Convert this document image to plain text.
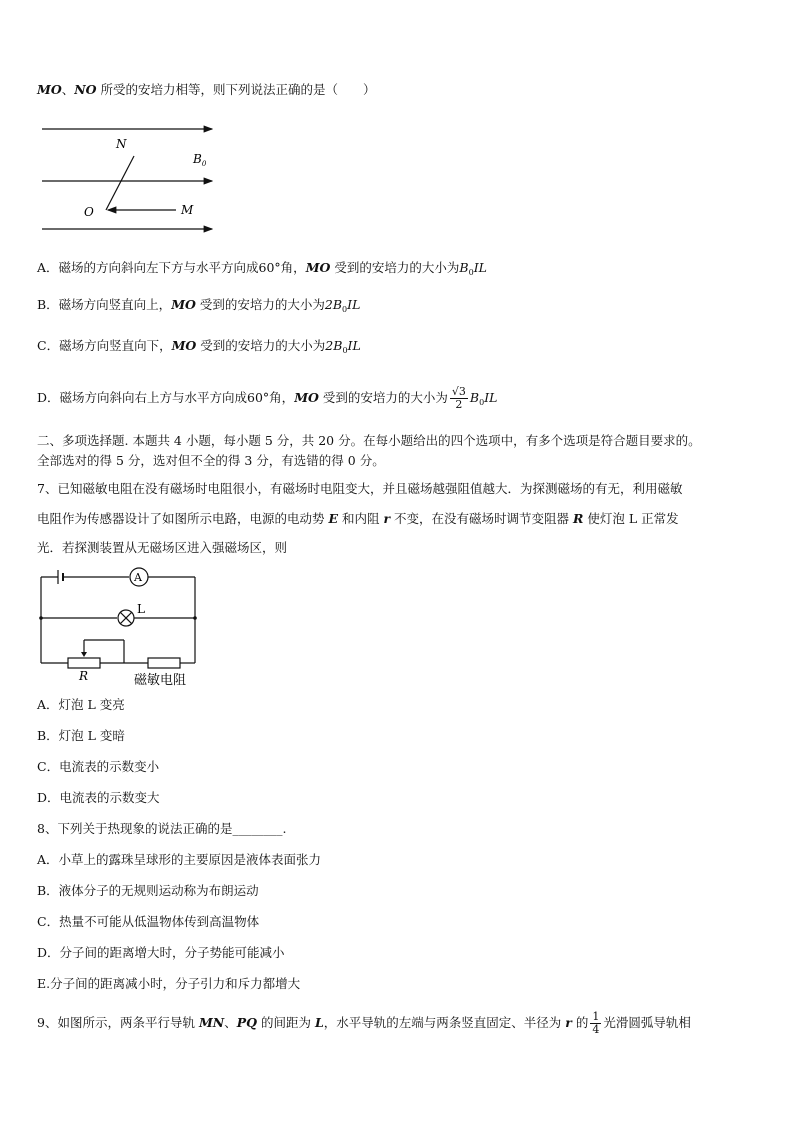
MO、NO 所受的安培力相等，则下列说法正确的是（　　）
N
$B_0$
O	M
A．磁场的方向斜向左下方与水平方向成60°角，MO 受到的安培力的大小为$B_0IL$
B．磁场方向竖直向上，MO 受到的安培力的大小为$2B_0IL$
C．磁场方向竖直向下，MO 受到的安培力的大小为$2B_0IL$
D．磁场方向斜向右上方与水平方向成60°角，MO 受到的安培力的大小为 $\frac{√3}{2} B_0IL$
二、多项选择题. 本题共 4 小题，每小题 5 分，共 20 分。在每小题给出的四个选项中，有多个选项是符合题目要求的。
全部选对的得 5 分，选对但不全的得 3 分，有选错的得 0 分。
7、已知磁敏电阻在没有磁场时电阻很小，有磁场时电阻变大，并且磁场越强阻值越大．为探测磁场的有无，利用磁敏
电阻作为传感器设计了如图所示电路，电源的电动势 E 和内阻 r 不变，在没有磁场时调节变阻器 R 使灯泡 L 正常发
光．若探测装置从无磁场区进入强磁场区，则
A
L
R	磁敏电阻
A．灯泡 L 变亮
B．灯泡 L 变暗
C．电流表的示数变小
D．电流表的示数变大
8、下列关于热现象的说法正确的是________.
A．小草上的露珠呈球形的主要原因是液体表面张力
B．液体分子的无规则运动称为布朗运动
C．热量不可能从低温物体传到高温物体
D．分子间的距离增大时，分子势能可能减小
E.分子间的距离减小时，分子引力和斥力都增大
9、如图所示，两条平行导轨 MN、PQ 的间距为 L，水平导轨的左端与两条竖直固定、半径为 r 的 $\frac{1}{4}$ 光滑圆弧导轨相
